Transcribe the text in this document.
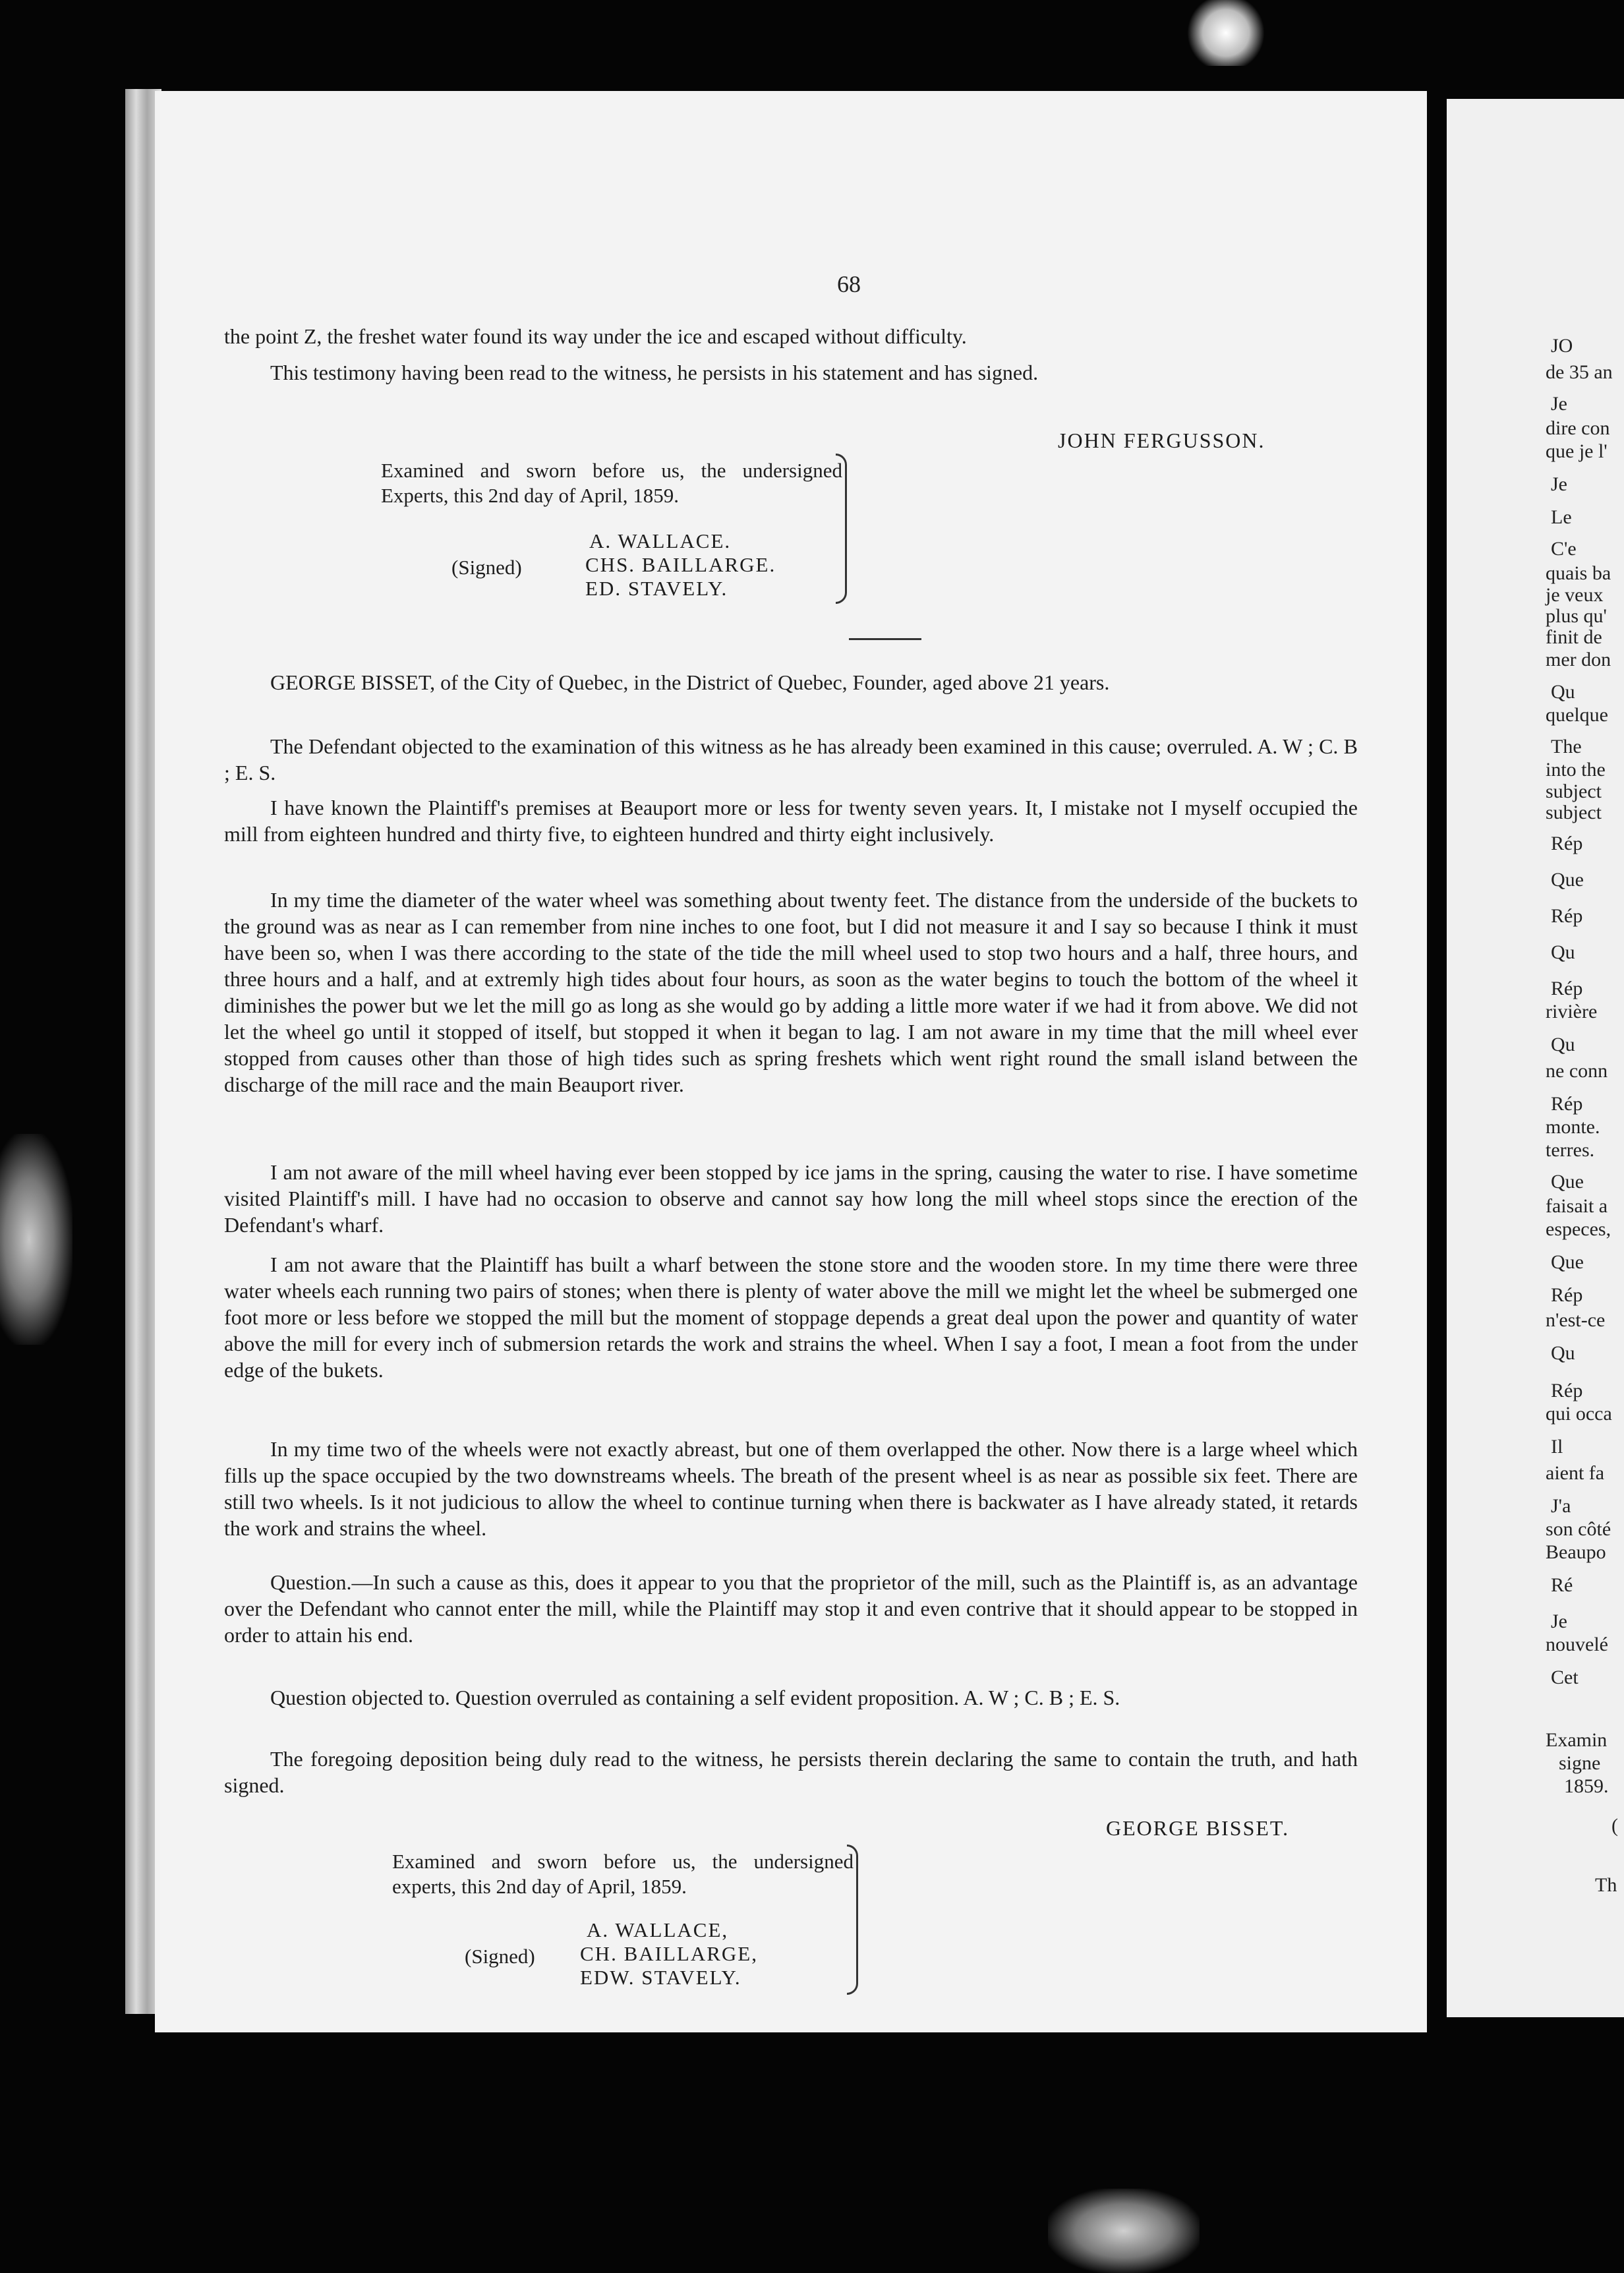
68

the point Z, the freshet water found its way under the ice and escaped without difficulty.

This testimony having been read to the witness, he persists in his statement and has signed.

JOHN FERGUSSON.
Examined and sworn before us, the undersigned Experts, this 2nd day of April, 1859.
(Signed)
A. WALLACE.
CHS. BAILLARGE.
ED. STAVELY.

GEORGE BISSET, of the City of Quebec, in the District of Quebec, Founder, aged above 21 years.

The Defendant objected to the examination of this witness as he has already been examined in this cause; overruled. A. W ; C. B ; E. S.

I have known the Plaintiff's premises at Beauport more or less for twenty seven years. It, I mistake not I myself occupied the mill from eighteen hundred and thirty five, to eighteen hundred and thirty eight inclusively.

In my time the diameter of the water wheel was something about twenty feet. The distance from the underside of the buckets to the ground was as near as I can remember from nine inches to one foot, but I did not measure it and I say so because I think it must have been so, when I was there according to the state of the tide the mill wheel used to stop two hours and a half, three hours, and three hours and a half, and at extremly high tides about four hours, as soon as the water begins to touch the bottom of the wheel it diminishes the power but we let the mill go as long as she would go by adding a little more water if we had it from above. We did not let the wheel go until it stopped of itself, but stopped it when it began to lag. I am not aware in my time that the mill wheel ever stopped from causes other than those of high tides such as spring freshets which went right round the small island between the discharge of the mill race and the main Beauport river.

I am not aware of the mill wheel having ever been stopped by ice jams in the spring, causing the water to rise. I have sometime visited Plaintiff's mill. I have had no occasion to observe and cannot say how long the mill wheel stops since the erection of the Defendant's wharf.

I am not aware that the Plaintiff has built a wharf between the stone store and the wooden store. In my time there were three water wheels each running two pairs of stones; when there is plenty of water above the mill we might let the wheel be submerged one foot more or less before we stopped the mill but the moment of stoppage depends a great deal upon the power and quantity of water above the mill for every inch of submersion retards the work and strains the wheel. When I say a foot, I mean a foot from the under edge of the bukets.

In my time two of the wheels were not exactly abreast, but one of them overlapped the other. Now there is a large wheel which fills up the space occupied by the two downstreams wheels. The breath of the present wheel is as near as possible six feet. There are still two wheels. Is it not judicious to allow the wheel to continue turning when there is backwater as I have already stated, it retards the work and strains the wheel.

Question.—In such a cause as this, does it appear to you that the proprietor of the mill, such as the Plaintiff is, as an advantage over the Defendant who cannot enter the mill, while the Plaintiff may stop it and even contrive that it should appear to be stopped in order to attain his end.

Question objected to. Question overruled as containing a self evident proposition. A. W ; C. B ; E. S.

The foregoing deposition being duly read to the witness, he persists therein declaring the same to contain the truth, and hath signed.

GEORGE BISSET.
Examined and sworn before us, the undersigned experts, this 2nd day of April, 1859.
(Signed)
A. WALLACE,
CH. BAILLARGE,
EDW. STAVELY.
JO
de 35 an
Je
dire con
que je l'
Je
Le
C'e
quais ba
je veux
plus qu'
finit de
mer don
Qu
quelque
The
into the
subject
subject
Rép
Que
Rép
Qu
Rép
rivière
Qu
ne conn
Rép
monte.
terres.
Que
faisait a
especes,
Que
Rép
n'est-ce
Qu
Rép
qui occa
Il
aient fa
J'a
son côté
Beaupo
Ré
Je
nouvelé
Cet
Examin
signe
1859.
(
Th
